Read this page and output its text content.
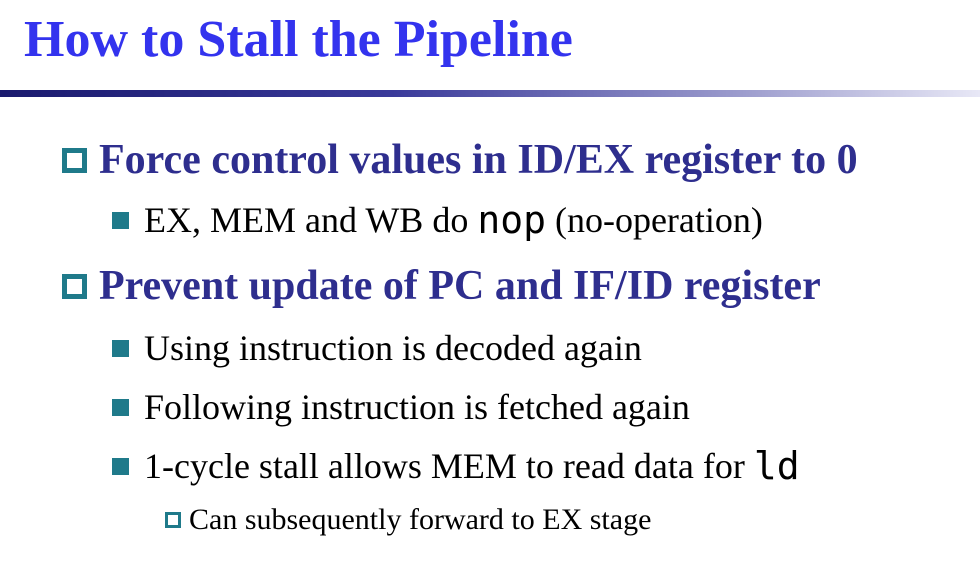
How to Stall the Pipeline
Force control values in ID/EX register to 0
EX, MEM and WB do nop (no-operation)
Prevent update of PC and IF/ID register
Using instruction is decoded again
Following instruction is fetched again
1-cycle stall allows MEM to read data for ld
Can subsequently forward to EX stage
